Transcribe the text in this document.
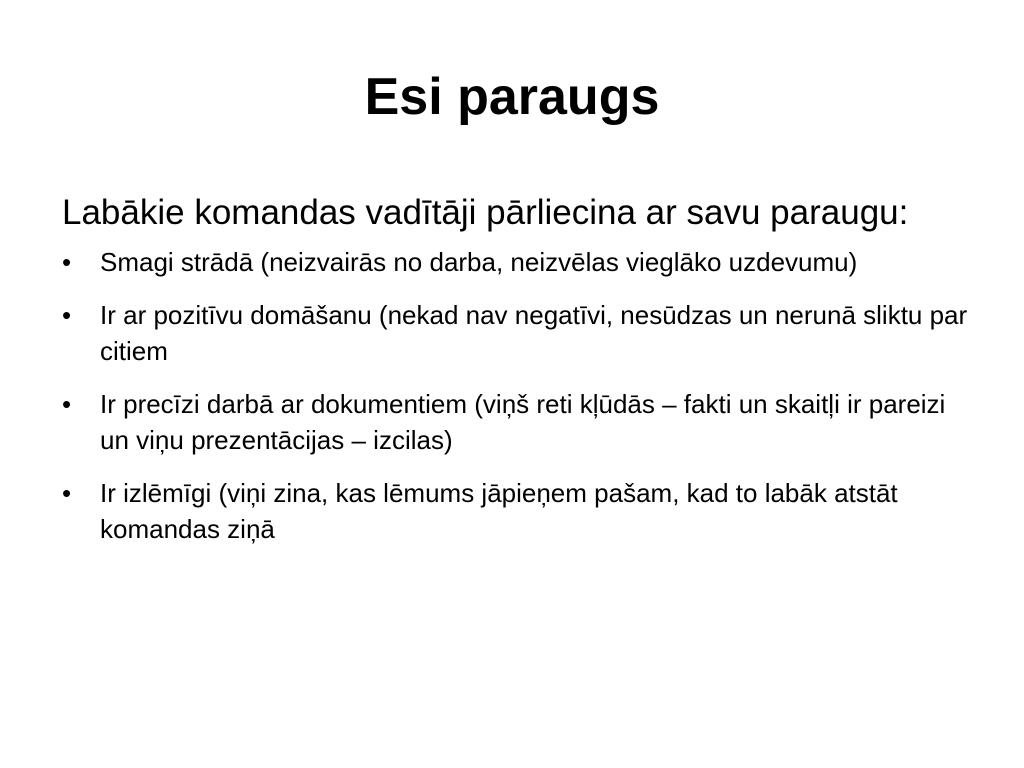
Esi paraugs

Labākie komandas vadītāji pārliecina ar savu paraugu:

•	Smagi strādā (neizvairās no darba, neizvēlas vieglāko uzdevumu)
•	Ir ar pozitīvu domāšanu (nekad nav negatīvi, nesūdzas un nerunā sliktu par citiem
•	Ir precīzi darbā ar dokumentiem (viņš reti kļūdās – fakti un skaitļi ir pareizi un viņu prezentācijas – izcilas)
•	Ir izlēmīgi (viņi zina, kas lēmums jāpieņem pašam, kad to labāk atstāt komandas ziņā
